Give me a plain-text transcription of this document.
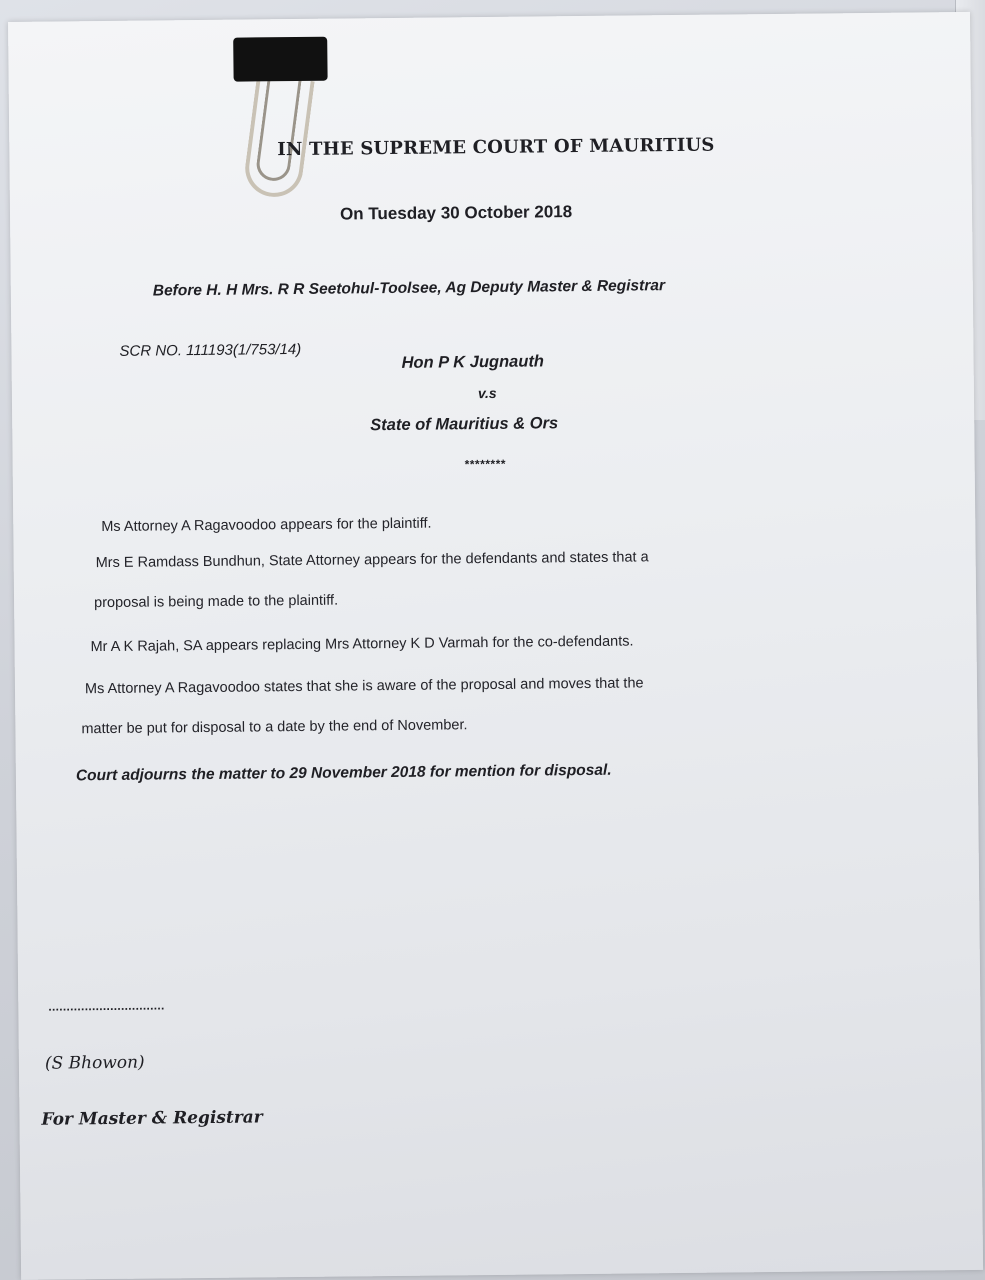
IN THE SUPREME COURT OF MAURITIUS
On Tuesday 30 October 2018
Before H. H Mrs. R R Seetohul-Toolsee, Ag Deputy Master & Registrar
SCR NO. 111193(1/753/14)
Hon P K Jugnauth
v.s
State of Mauritius & Ors
********
Ms Attorney A Ragavoodoo appears for the plaintiff.
Mrs E Ramdass Bundhun, State Attorney appears for the defendants and states that a
proposal is being made to the plaintiff.
Mr A K Rajah, SA appears replacing Mrs Attorney K D Varmah for the co-defendants.
Ms Attorney A Ragavoodoo states that she is aware of the proposal and moves that the
matter be put for disposal to a date by the end of November.
Court adjourns the matter to 29 November 2018 for mention for disposal.
................................
(S Bhowon)
For Master & Registrar
